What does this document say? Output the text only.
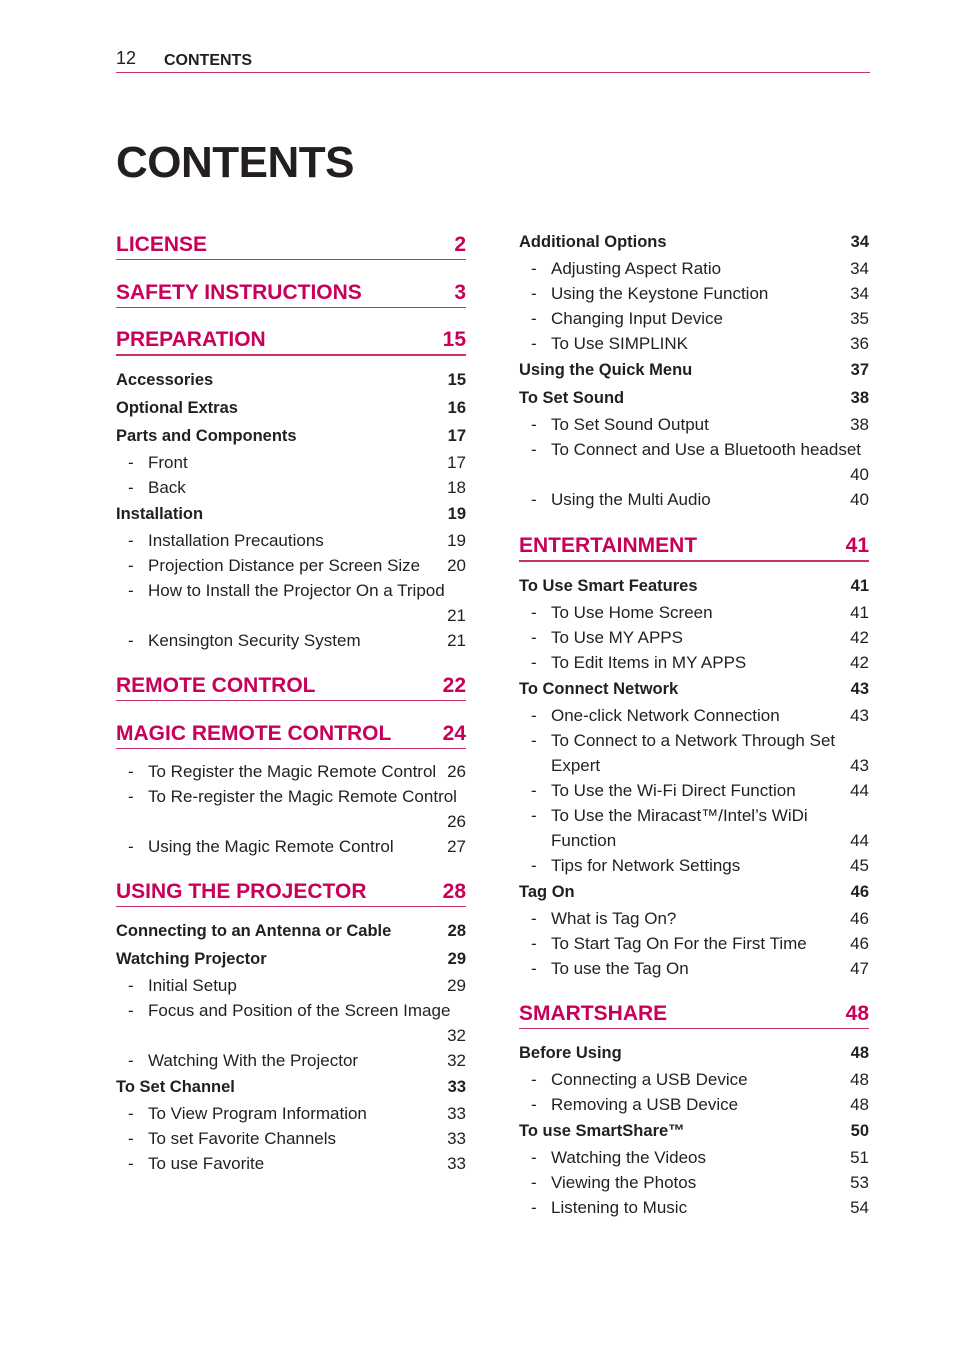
12 CONTENTS
CONTENTS
LICENSE	2
SAFETY INSTRUCTIONS	3
PREPARATION	15
Accessories	15
Optional Extras	16
Parts and Components	17
- Front	17
- Back	18
Installation	19
- Installation Precautions	19
- Projection Distance per Screen Size	20
- How to Install the Projector On a Tripod
21
- Kensington Security System	21
REMOTE CONTROL	22
MAGIC REMOTE CONTROL 24
- To Register the Magic Remote Control 26
- To Re-register the Magic Remote Control
26
- Using the Magic Remote Control	27
USING THE PROJECTOR	28
Connecting to an Antenna or Cable	28
Watching Projector	29
- Initial Setup	29
- Focus and Position of the Screen Image
32
- Watching With the Projector	32
To Set Channel	33
- To View Program Information	33
- To set Favorite Channels	33
- To use Favorite	33
Additional Options	34
- Adjusting Aspect Ratio	34
- Using the Keystone Function	34
- Changing Input Device	35
- To Use SIMPLINK	36
Using the Quick Menu	37
To Set Sound	38
- To Set Sound Output	38
- To Connect and Use a Bluetooth headset
40
- Using the Multi Audio	40
ENTERTAINMENT	41
To Use Smart Features	41
- To Use Home Screen	41
- To Use MY APPS	42
- To Edit Items in MY APPS	42
To Connect Network	43
- One-click Network Connection	43
- To Connect to a Network Through Set
Expert	43
- To Use the Wi-Fi Direct Function	44
- To Use the Miracast™/Intel’s WiDi
Function	44
- Tips for Network Settings	45
Tag On	46
- What is Tag On?	46
- To Start Tag On For the First Time	46
- To use the Tag On	47
SMARTSHARE	48
Before Using	48
- Connecting a USB Device	48
- Removing a USB Device	48
To use SmartShare™	50
- Watching the Videos	51
- Viewing the Photos	53
- Listening to Music	54
